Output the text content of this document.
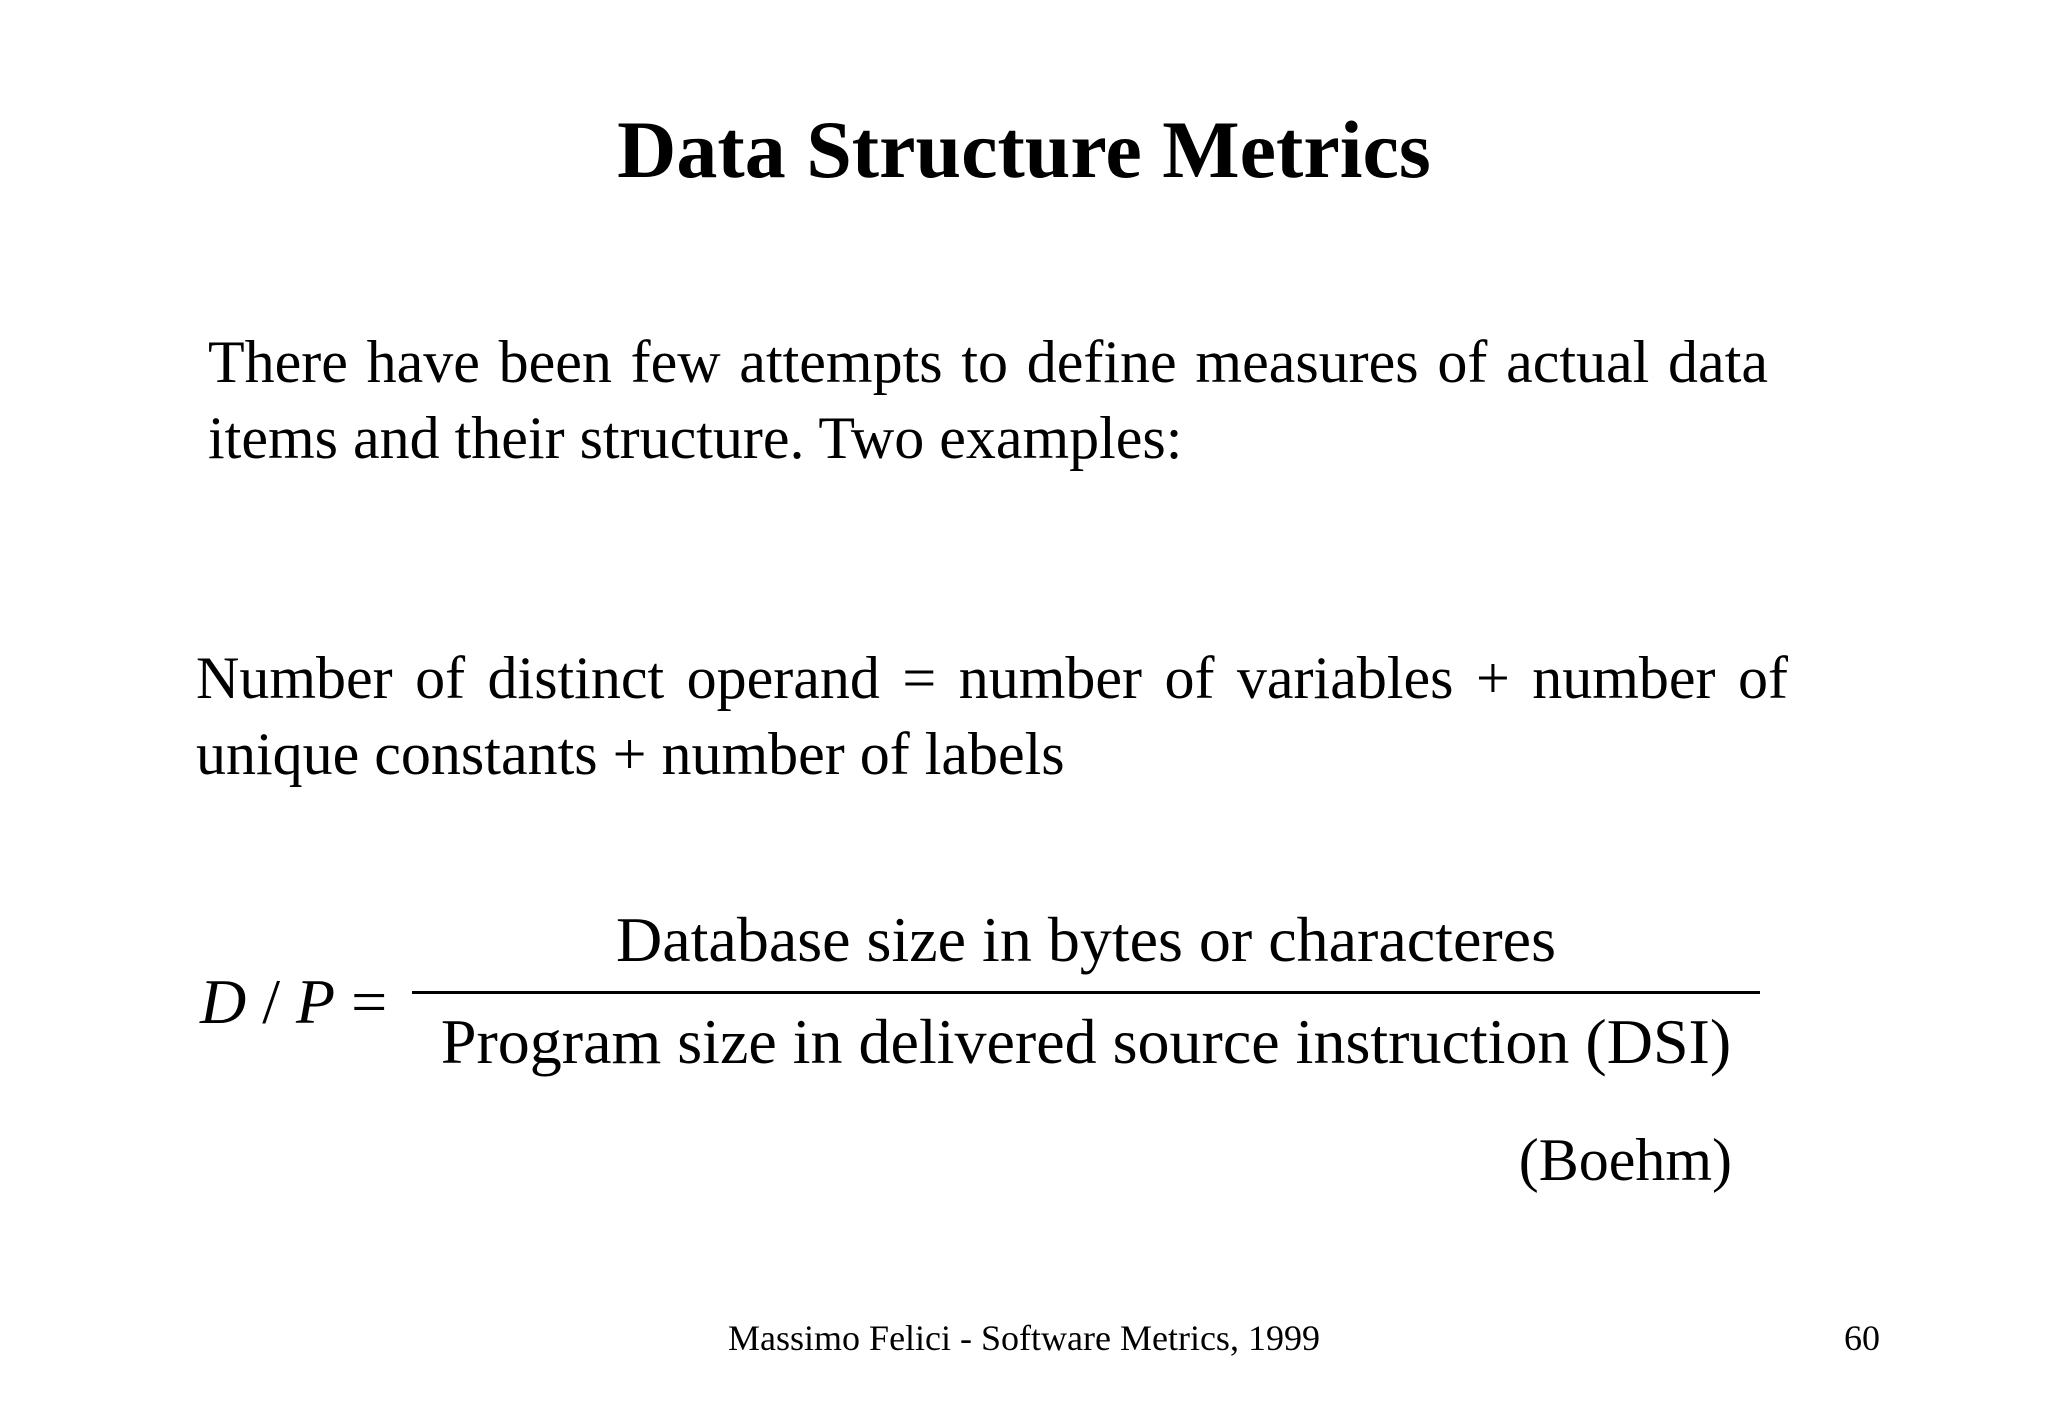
Data Structure Metrics

There have been few attempts to define measures of actual data items and their structure. Two examples:

Number of distinct operand = number of variables + number of unique constants + number of labels

D / P =
Database size in bytes or characteres
Program size in delivered source instruction (DSI)
(Boehm)
Massimo Felici - Software Metrics, 1999	60
